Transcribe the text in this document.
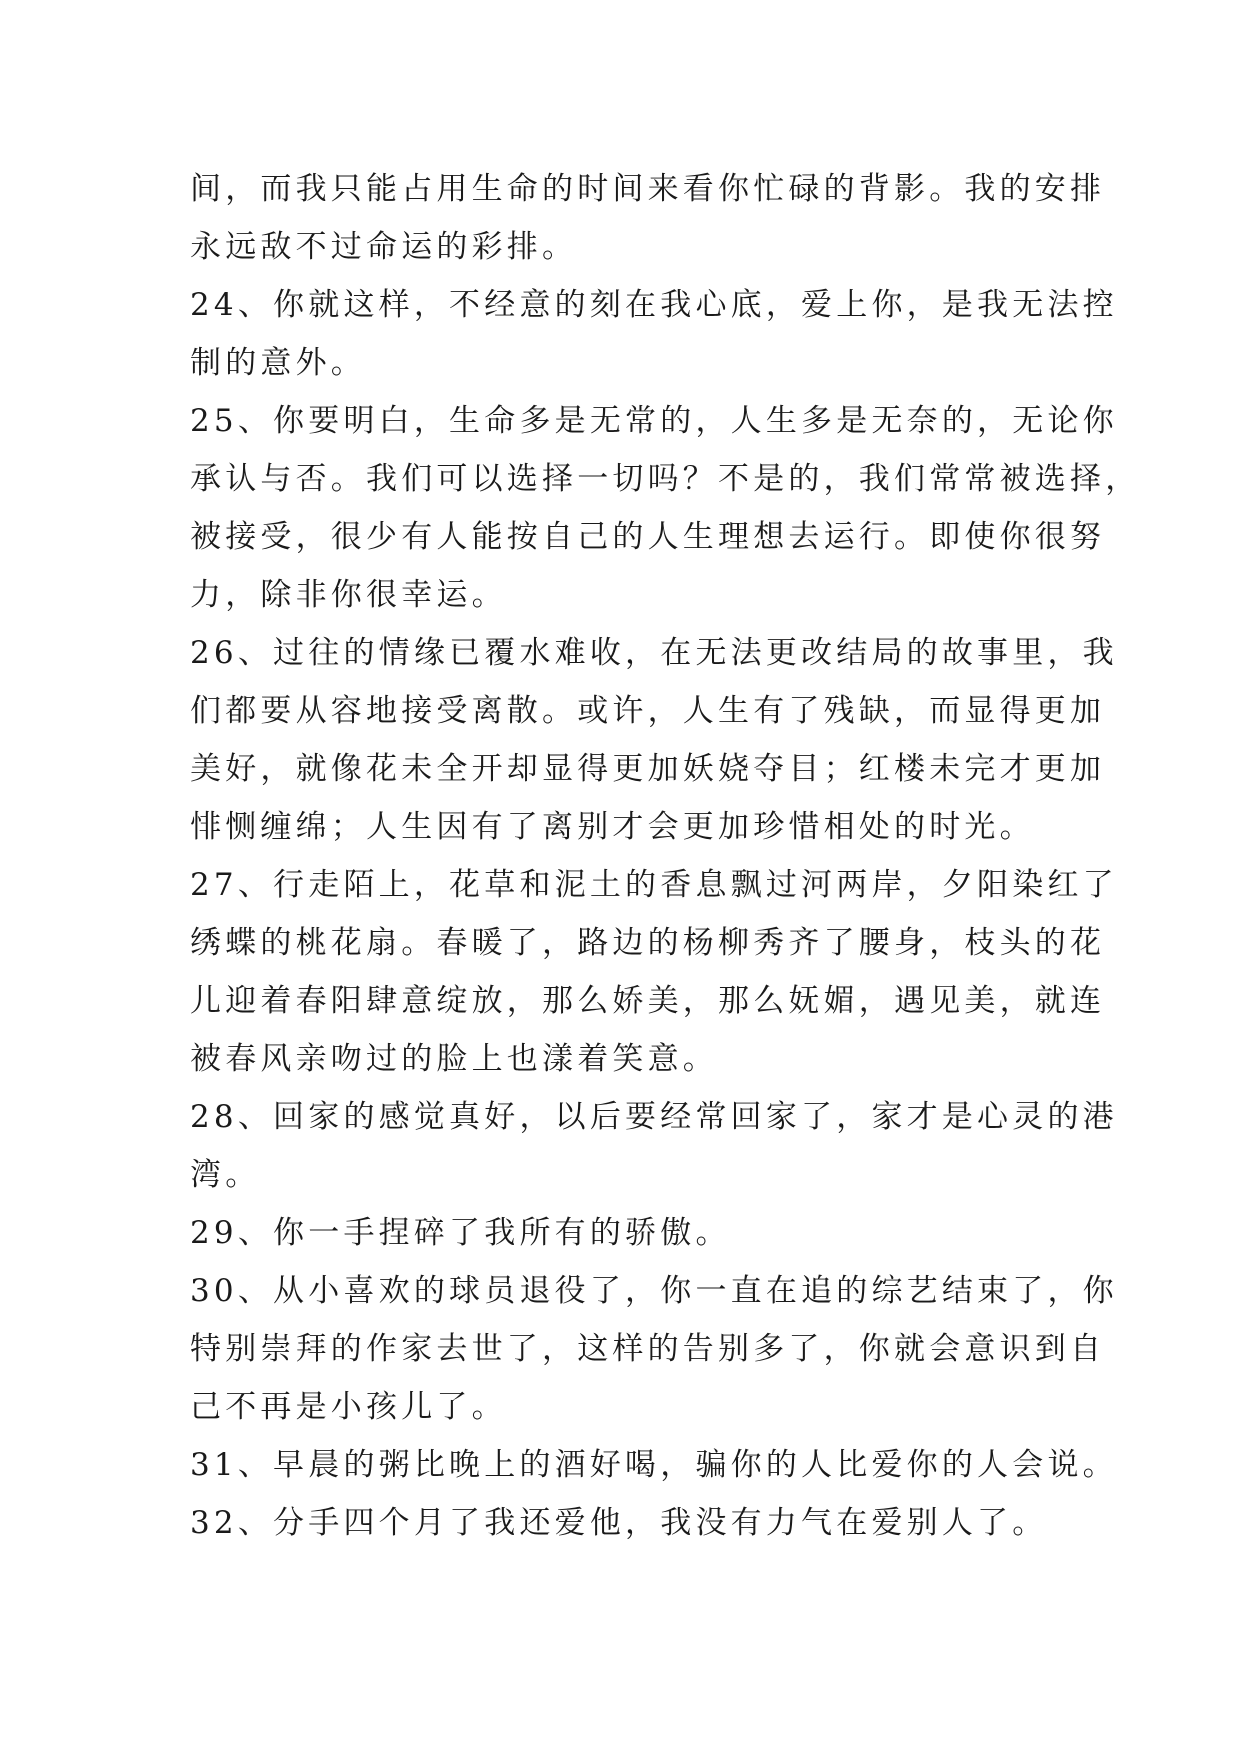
间，而我只能占用生命的时间来看你忙碌的背影。我的安排
永远敌不过命运的彩排。
24、你就这样，不经意的刻在我心底，爱上你，是我无法控
制的意外。
25、你要明白，生命多是无常的，人生多是无奈的，无论你
承认与否。我们可以选择一切吗？不是的，我们常常被选择，
被接受，很少有人能按自己的人生理想去运行。即使你很努
力，除非你很幸运。
26、过往的情缘已覆水难收，在无法更改结局的故事里，我
们都要从容地接受离散。或许，人生有了残缺，而显得更加
美好，就像花未全开却显得更加妖娆夺目；红楼未完才更加
悱恻缠绵；人生因有了离别才会更加珍惜相处的时光。
27、行走陌上，花草和泥土的香息飘过河两岸，夕阳染红了
绣蝶的桃花扇。春暖了，路边的杨柳秀齐了腰身，枝头的花
儿迎着春阳肆意绽放，那么娇美，那么妩媚，遇见美，就连
被春风亲吻过的脸上也漾着笑意。
28、回家的感觉真好，以后要经常回家了，家才是心灵的港
湾。
29、你一手捏碎了我所有的骄傲。
30、从小喜欢的球员退役了，你一直在追的综艺结束了，你
特别崇拜的作家去世了，这样的告别多了，你就会意识到自
己不再是小孩儿了。
31、早晨的粥比晚上的酒好喝，骗你的人比爱你的人会说。
32、分手四个月了我还爱他，我没有力气在爱别人了。
